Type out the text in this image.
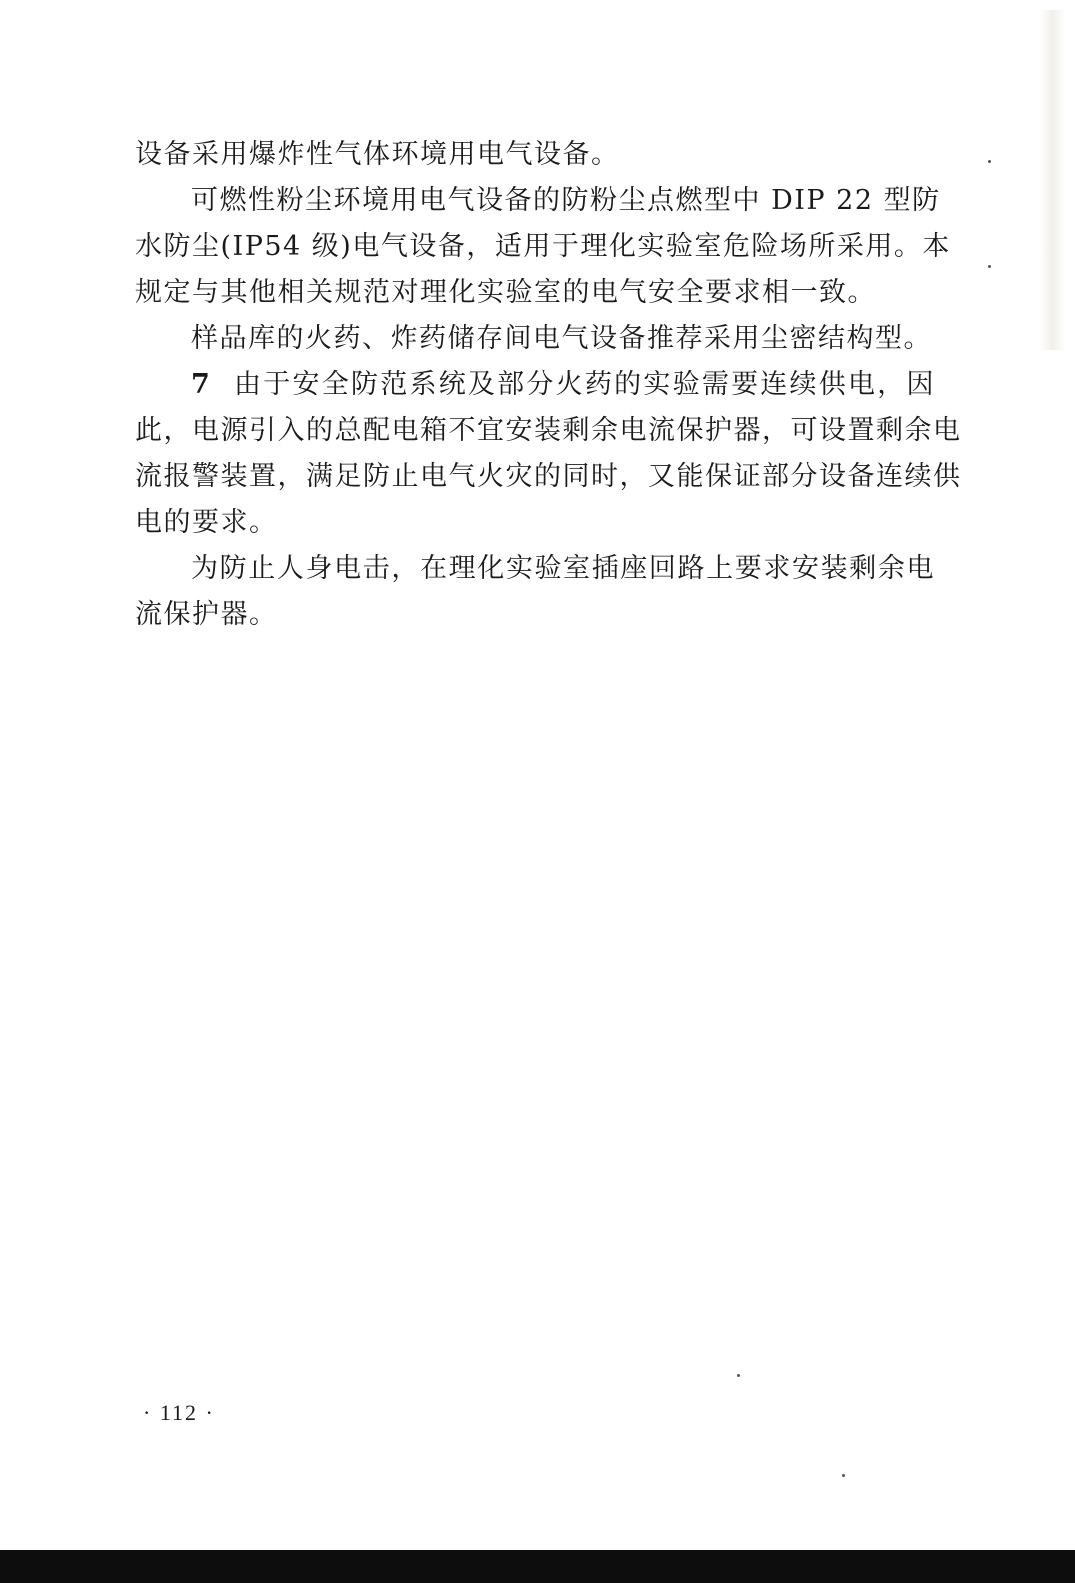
设备采用爆炸性气体环境用电气设备。
可燃性粉尘环境用电气设备的防粉尘点燃型中 DIP 22 型防
水防尘(IP54 级)电气设备，适用于理化实验室危险场所采用。本
规定与其他相关规范对理化实验室的电气安全要求相一致。
样品库的火药、炸药储存间电气设备推荐采用尘密结构型。
7 由于安全防范系统及部分火药的实验需要连续供电，因
此，电源引入的总配电箱不宜安装剩余电流保护器，可设置剩余电
流报警装置，满足防止电气火灾的同时，又能保证部分设备连续供
电的要求。
为防止人身电击，在理化实验室插座回路上要求安装剩余电
流保护器。
· 112 ·
